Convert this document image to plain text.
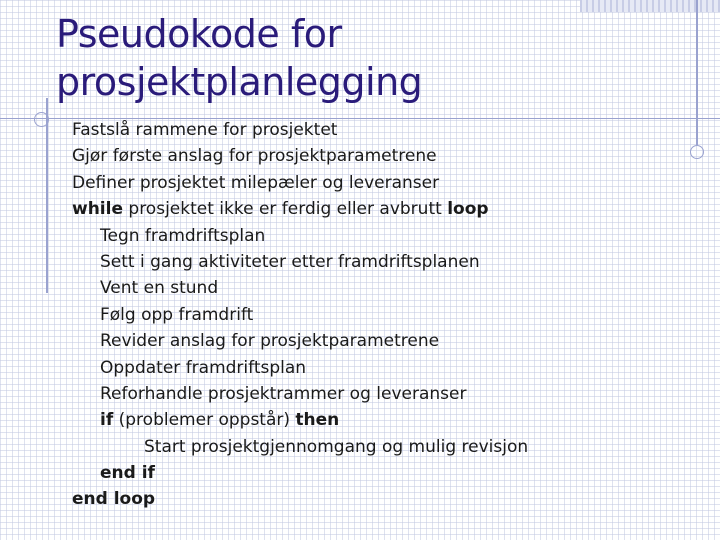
Pseudokode for
prosjektplanlegging
Fastslå rammene for prosjektet
Gjør første anslag for prosjektparametrene
Definer prosjektet milepæler og leveranser
while prosjektet ikke er ferdig eller avbrutt loop
Tegn framdriftsplan
Sett i gang aktiviteter etter framdriftsplanen
Vent en stund
Følg opp framdrift
Revider anslag for prosjektparametrene
Oppdater framdriftsplan
Reforhandle prosjektrammer og leveranser
if (problemer oppstår) then
Start prosjektgjennomgang og mulig revisjon
end if
end loop
